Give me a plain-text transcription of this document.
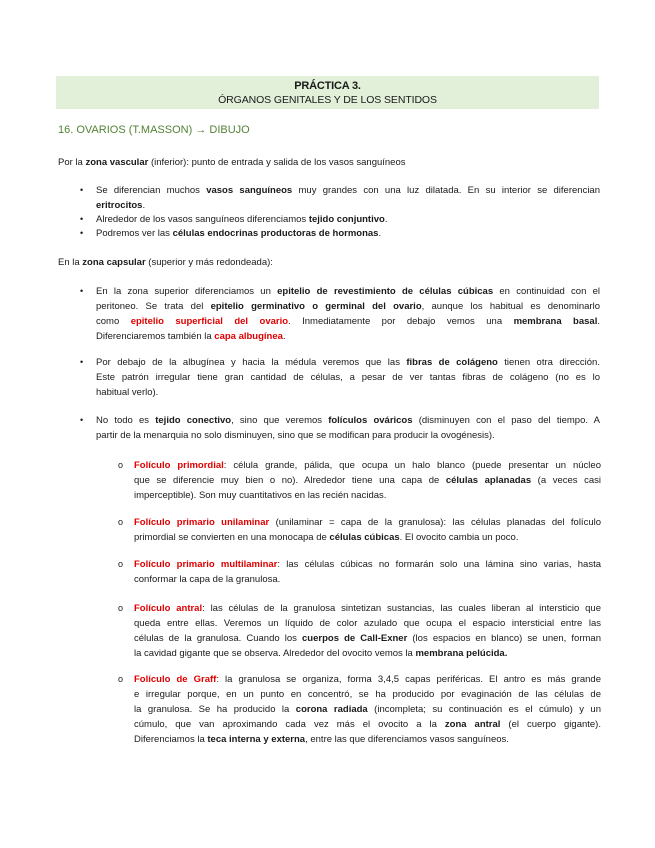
PRÁCTICA 3.
ÓRGANOS GENITALES Y DE LOS SENTIDOS
16. OVARIOS (T.MASSON) → DIBUJO
Por la zona vascular (inferior): punto de entrada y salida de los vasos sanguíneos
• Se diferencian muchos vasos sanguíneos muy grandes con una luz dilatada. En su interior se diferencian
eritrocitos.
• Alrededor de los vasos sanguíneos diferenciamos tejido conjuntivo.
• Podremos ver las células endocrinas productoras de hormonas.
En la zona capsular (superior y más redondeada):
• En la zona superior diferenciamos un epitelio de revestimiento de células cúbicas en continuidad con el
peritoneo. Se trata del epitelio germinativo o germinal del ovario, aunque los habitual es denominarlo
como epitelio superficial del ovario. Inmediatamente por debajo vemos una membrana basal.
Diferenciaremos también la capa albugínea.
• Por debajo de la albugínea y hacia la médula veremos que las fibras de colágeno tienen otra dirección.
Este patrón irregular tiene gran cantidad de células, a pesar de ver tantas fibras de colágeno (no es lo
habitual verlo).
• No todo es tejido conectivo, sino que veremos folículos ováricos (disminuyen con el paso del tiempo. A
partir de la menarquia no solo disminuyen, sino que se modifican para producir la ovogénesis).
o Folículo primordial: célula grande, pálida, que ocupa un halo blanco (puede presentar un núcleo
que se diferencie muy bien o no). Alrededor tiene una capa de células aplanadas (a veces casi
imperceptible). Son muy cuantitativos en las recién nacidas.
o Folículo primario unilaminar (unilaminar = capa de la granulosa): las células planadas del folículo
primordial se convierten en una monocapa de células cúbicas. El ovocito cambia un poco.
o Folículo primario multilaminar: las células cúbicas no formarán solo una lámina sino varias, hasta
conformar la capa de la granulosa.
o Folículo antral: las células de la granulosa sintetizan sustancias, las cuales liberan al intersticio que
queda entre ellas. Veremos un líquido de color azulado que ocupa el espacio intersticial entre las
células de la granulosa. Cuando los cuerpos de Call-Exner (los espacios en blanco) se unen, forman
la cavidad gigante que se observa. Alrededor del ovocito vemos la membrana pelúcida.
o Folículo de Graff: la granulosa se organiza, forma 3,4,5 capas periféricas. El antro es más grande
e irregular porque, en un punto en concentró, se ha producido por evaginación de las células de
la granulosa. Se ha producido la corona radiada (incompleta; su continuación es el cúmulo) y un
cúmulo, que van aproximando cada vez más el ovocito a la zona antral (el cuerpo gigante).
Diferenciamos la teca interna y externa, entre las que diferenciamos vasos sanguíneos.
